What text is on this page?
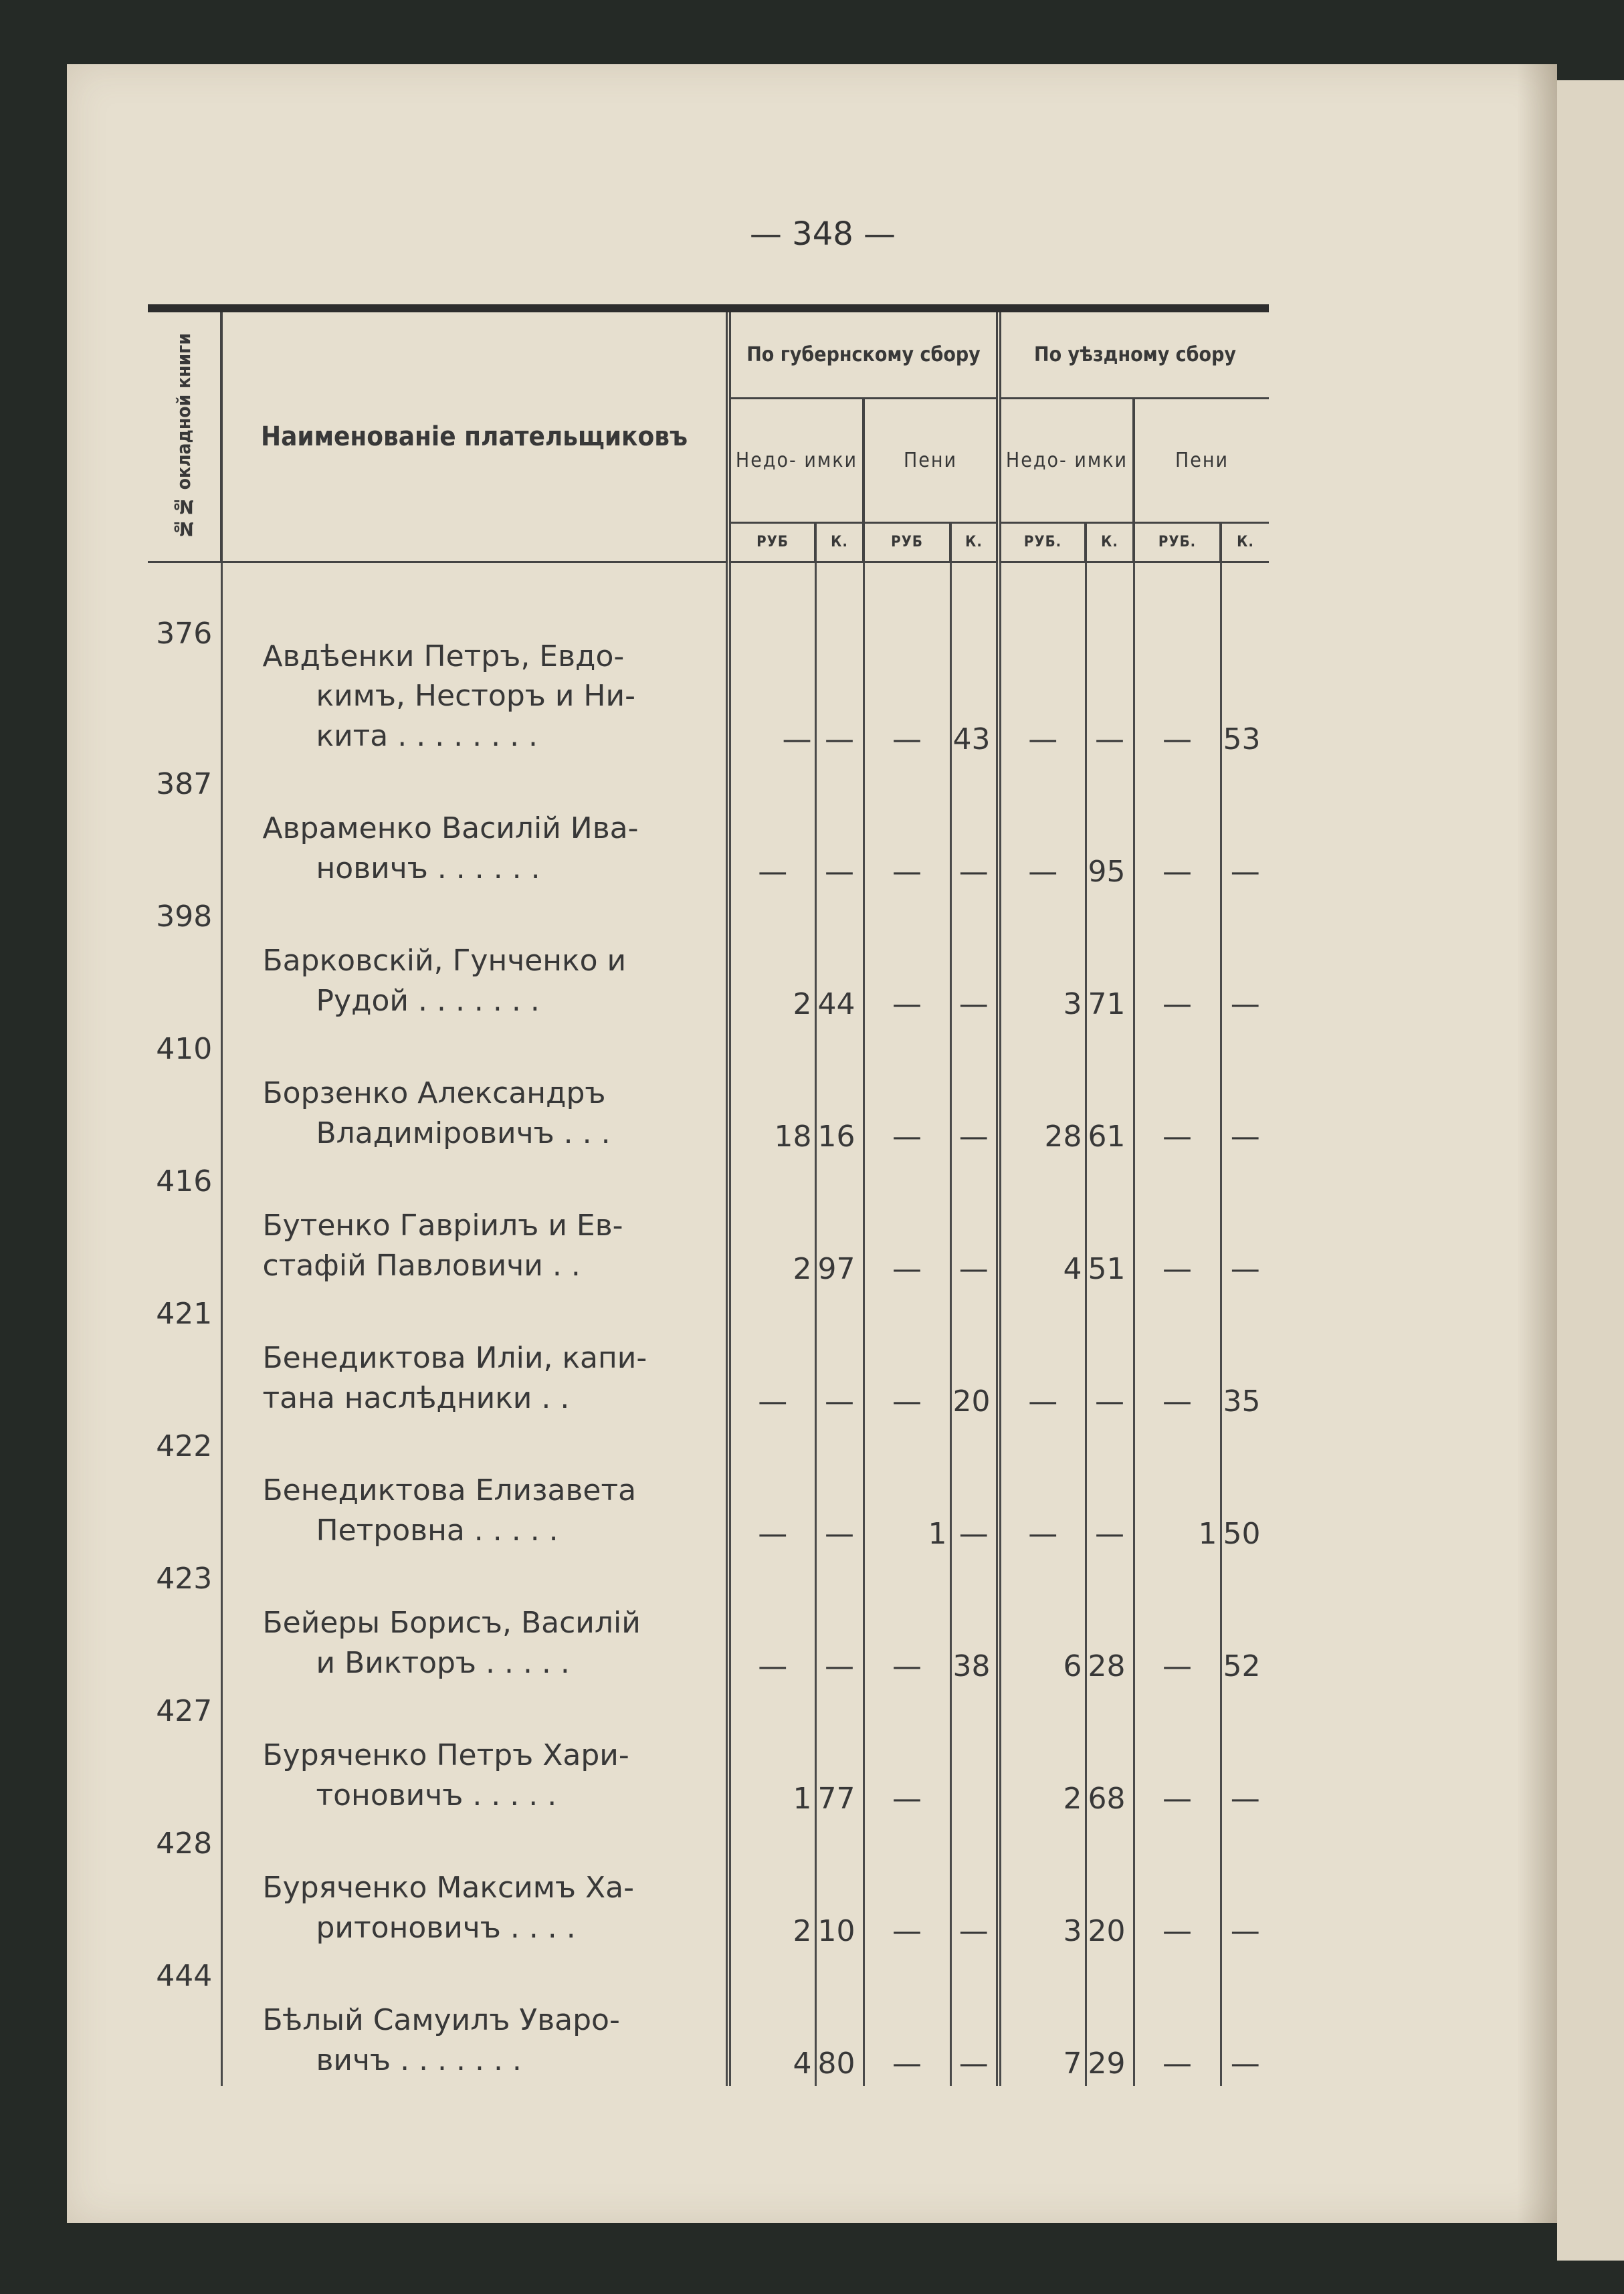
— 348 —
№№ окладной книги	Наименованіе плательщиковъ	По губернскому сбору				По уѣздному сбору			
		Недо- имки		Пени		Недо- имки		Пени	
		РУБ	К.	РУБ	К.	РУБ.	К.	РУБ.	К.

376	Авдѣенки Петръ, Евдо-
кимъ, Несторъ и Ни-
кита . . . . . . . .	—	—	—	43	—	—	—	53
387	Авраменко Василій Ива-
новичъ . . . . . .	—	—	—	—	—	95	—	—
398	Барковскій, Гунченко и
Рудой . . . . . . .	2	44	—	—	3	71	—	—
410	Борзенко Александръ
Владиміровичъ . . .	18	16	—	—	28	61	—	—
416	Бутенко Гавріилъ и Ев-
стафій Павловичи . .	2	97	—	—	4	51	—	—
421	Бенедиктова Иліи, капи-
тана наслѣдники . .	—	—	—	20	—	—	—	35
422	Бенедиктова Елизавета
Петровна . . . . .	—	—	1	—	—	—	1	50
423	Бейеры Борисъ, Василій
и Викторъ . . . . .	—	—	—	38	6	28	—	52
427	Буряченко Петръ Хари-
тоновичъ . . . . .	1	77	—		2	68	—	—
428	Буряченко Максимъ Ха-
ритоновичъ . . . .	2	10	—	—	3	20	—	—
444	Бѣлый Самуилъ Уваро-
вичъ . . . . . . .	4	80	—	—	7	29	—	—
